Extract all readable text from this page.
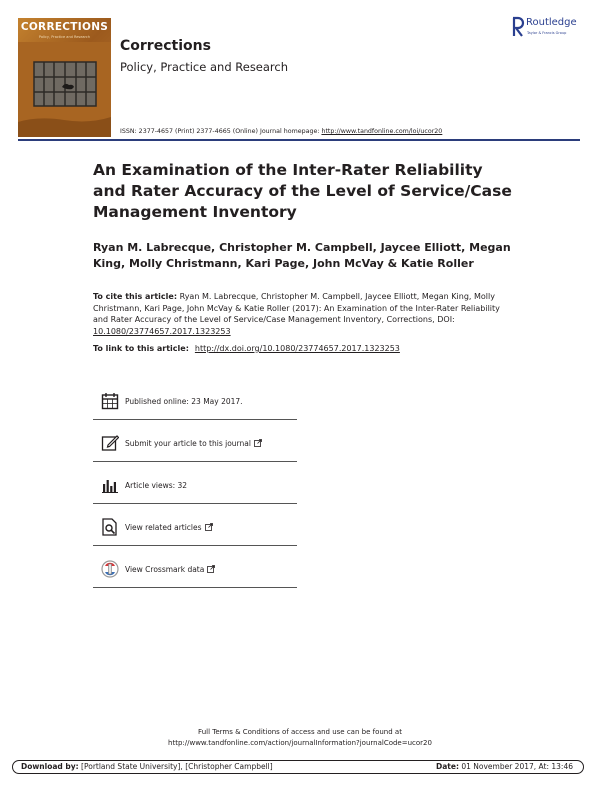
CORRECTIONS
Policy, Practice and Research
Corrections
Policy, Practice and Research
Routledge
Taylor & Francis Group
ISSN: 2377-4657 (Print) 2377-4665 (Online) Journal homepage: http://www.tandfonline.com/loi/ucor20
An Examination of the Inter-Rater Reliability and Rater Accuracy of the Level of Service/Case Management Inventory
Ryan M. Labrecque, Christopher M. Campbell, Jaycee Elliott, Megan King, Molly Christmann, Kari Page, John McVay & Katie Roller
To cite this article: Ryan M. Labrecque, Christopher M. Campbell, Jaycee Elliott, Megan King, Molly Christmann, Kari Page, John McVay & Katie Roller (2017): An Examination of the Inter-Rater Reliability and Rater Accuracy of the Level of Service/Case Management Inventory, Corrections, DOI: 10.1080/23774657.2017.1323253
To link to this article: http://dx.doi.org/10.1080/23774657.2017.1323253
Published online: 23 May 2017.
Submit your article to this journal
Article views: 32
View related articles
View Crossmark data
Full Terms & Conditions of access and use can be found at
http://www.tandfonline.com/action/journalInformation?journalCode=ucor20
Download by: [Portland State University], [Christopher Campbell]	Date: 01 November 2017, At: 13:46
